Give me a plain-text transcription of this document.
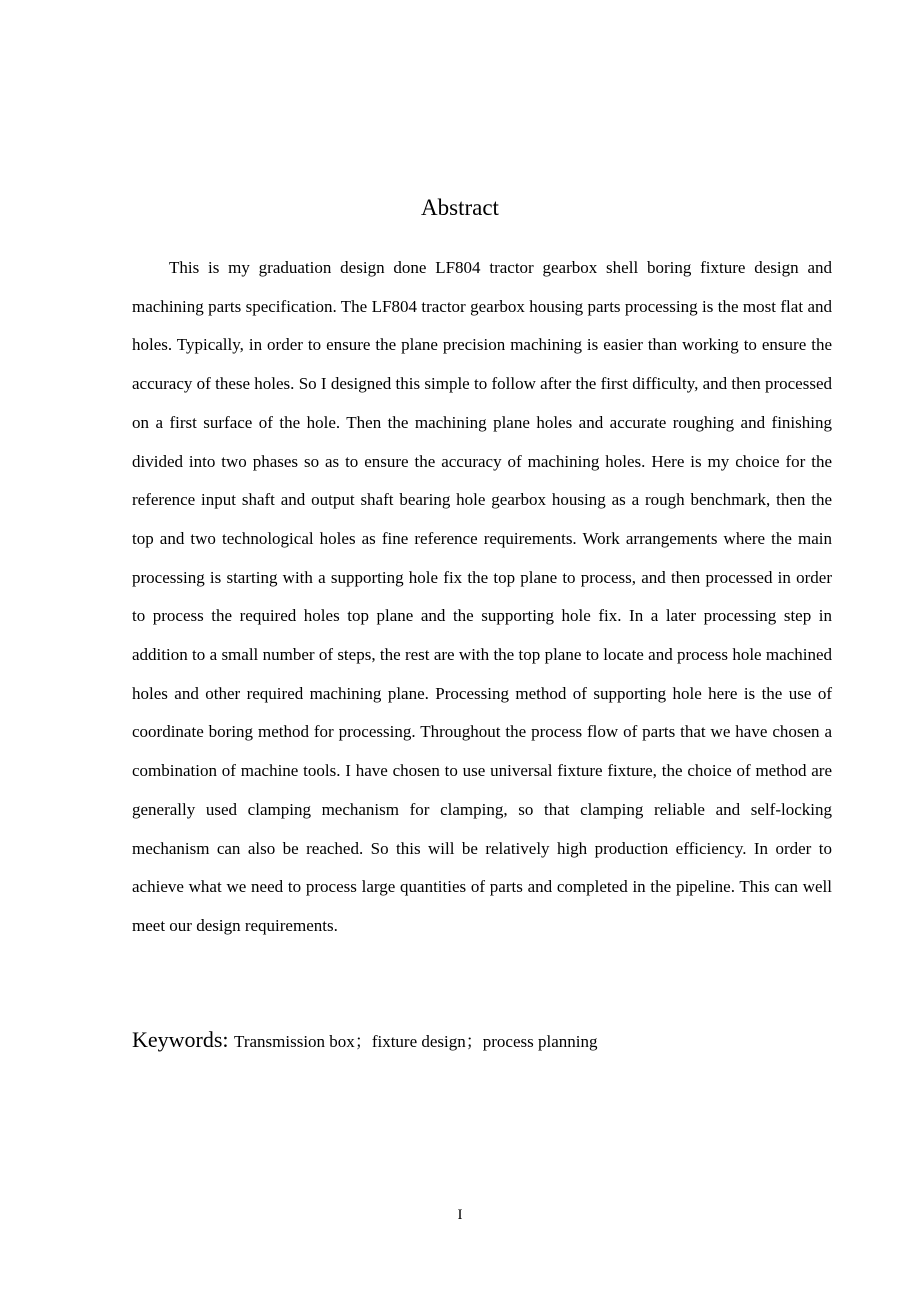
Abstract

This is my graduation design done LF804 tractor gearbox shell boring fixture design and machining parts specification. The LF804 tractor gearbox housing parts processing is the most flat and holes. Typically, in order to ensure the plane precision machining is easier than working to ensure the accuracy of these holes. So I designed this simple to follow after the first difficulty, and then processed on a first surface of the hole. Then the machining plane holes and accurate roughing and finishing divided into two phases so as to ensure the accuracy of machining holes. Here is my choice for the reference input shaft and output shaft bearing hole gearbox housing as a rough benchmark, then the top and two technological holes as fine reference requirements. Work arrangements where the main processing is starting with a supporting hole fix the top plane to process, and then processed in order to process the required holes top plane and the supporting hole fix. In a later processing step in addition to a small number of steps, the rest are with the top plane to locate and process hole machined holes and other required machining plane. Processing method of supporting hole here is the use of coordinate boring method for processing. Throughout the process flow of parts that we have chosen a combination of machine tools. I have chosen to use universal fixture fixture, the choice of method are generally used clamping mechanism for clamping, so that clamping reliable and self-locking mechanism can also be reached. So this will be relatively high production efficiency. In order to achieve what we need to process large quantities of parts and completed in the pipeline. This can well meet our design requirements.

Keywords: Transmission box；fixture design；process planning
I
